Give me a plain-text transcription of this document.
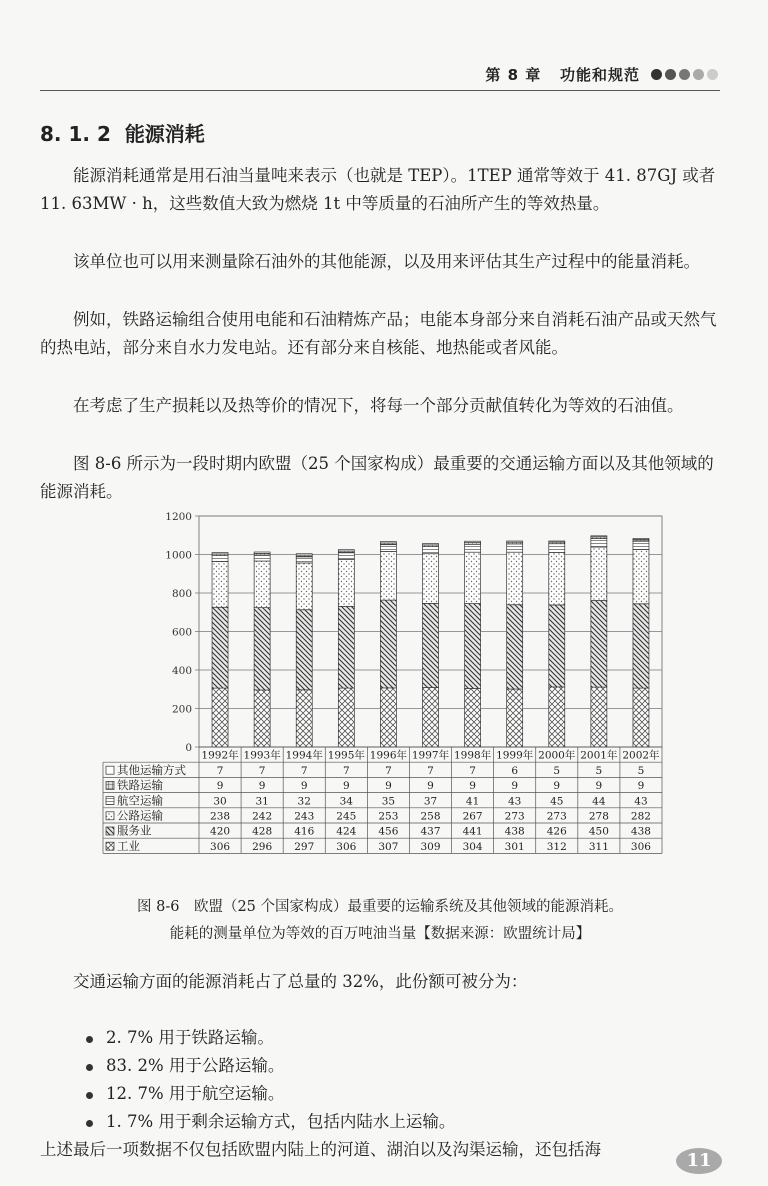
第 8 章 功能和规范
8. 1. 2 能源消耗

能源消耗通常是用石油当量吨来表示（也就是 TEP）。1TEP 通常等效于 41. 87GJ 或者 11. 63MW · h，这些数值大致为燃烧 1t 中等质量的石油所产生的等效热量。

该单位也可以用来测量除石油外的其他能源，以及用来评估其生产过程中的能量消耗。

例如，铁路运输组合使用电能和石油精炼产品；电能本身部分来自消耗石油产品或天然气的热电站，部分来自水力发电站。还有部分来自核能、地热能或者风能。

在考虑了生产损耗以及热等价的情况下，将每一个部分贡献值转化为等效的石油值。

图 8-6 所示为一段时期内欧盟（25 个国家构成）最重要的交通运输方面以及其他领域的能源消耗。

0
200
400
600
800
1000
1200
1992年 1993年 1994年 1995年 1996年 1997年 1998年 1999年 2000年 2001年 2002年
其他运输方式	7	7	7	7	7	7	7	6	5	5	5
铁路运输	9	9	9	9	9	9	9	9	9	9	9
航空运输	30	31	32	34	35	37	41	43	45	44	43
公路运输	238 242 243 245 253 258 267 273 273 278 282
服务业	420 428 416 424 456 437 441 438 426 450 438
工业	306 296 297 306 307 309 304 301 312 311 306
图 8-6　欧盟（25 个国家构成）最重要的运输系统及其他领域的能源消耗。
能耗的测量单位为等效的百万吨油当量【数据来源：欧盟统计局】

交通运输方面的能源消耗占了总量的 32%，此份额可被分为：

2. 7% 用于铁路运输。
83. 2% 用于公路运输。
12. 7% 用于航空运输。
1. 7% 用于剩余运输方式，包括内陆水上运输。

上述最后一项数据不仅包括欧盟内陆上的河道、湖泊以及沟渠运输，还包括海

11
